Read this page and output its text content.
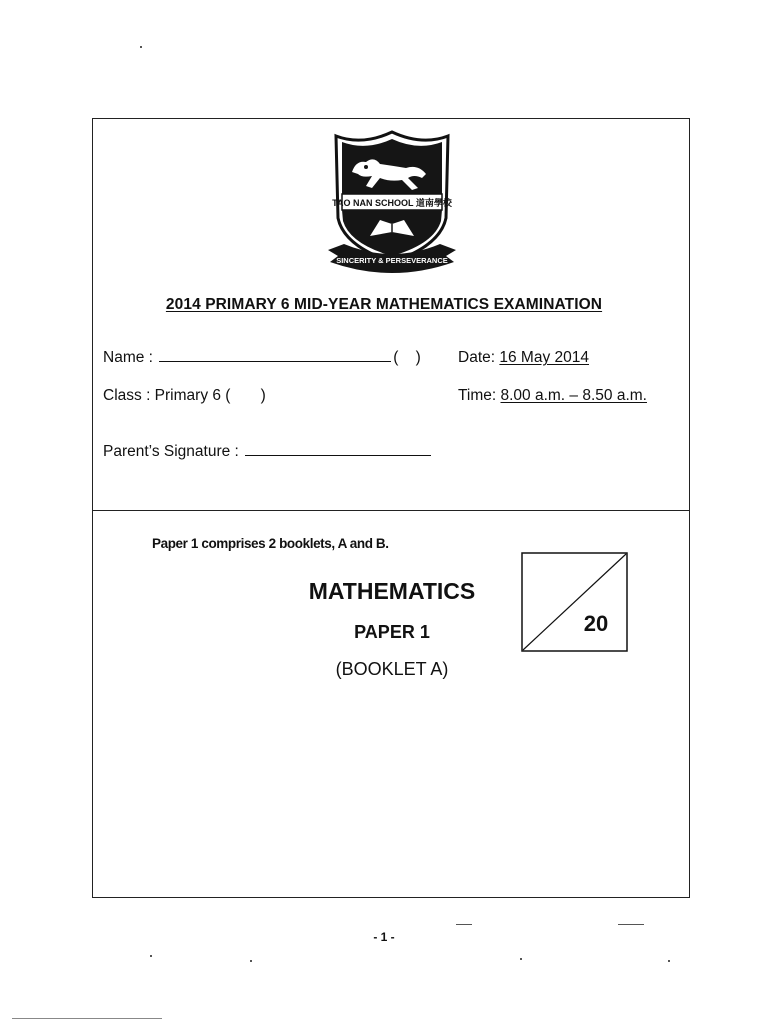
TAO NAN SCHOOL 道南學校
SINCERITY & PERSEVERANCE
2014 PRIMARY 6 MID-YEAR MATHEMATICS EXAMINATION
Name :	(    ) Date: 16 May 2014
Class : Primary 6 (       )	Time: 8.00 a.m. – 8.50 a.m.
Parent’s Signature :
Paper 1 comprises 2 booklets, A and B.
MATHEMATICS
PAPER 1
(BOOKLET A)
20
- 1 -
